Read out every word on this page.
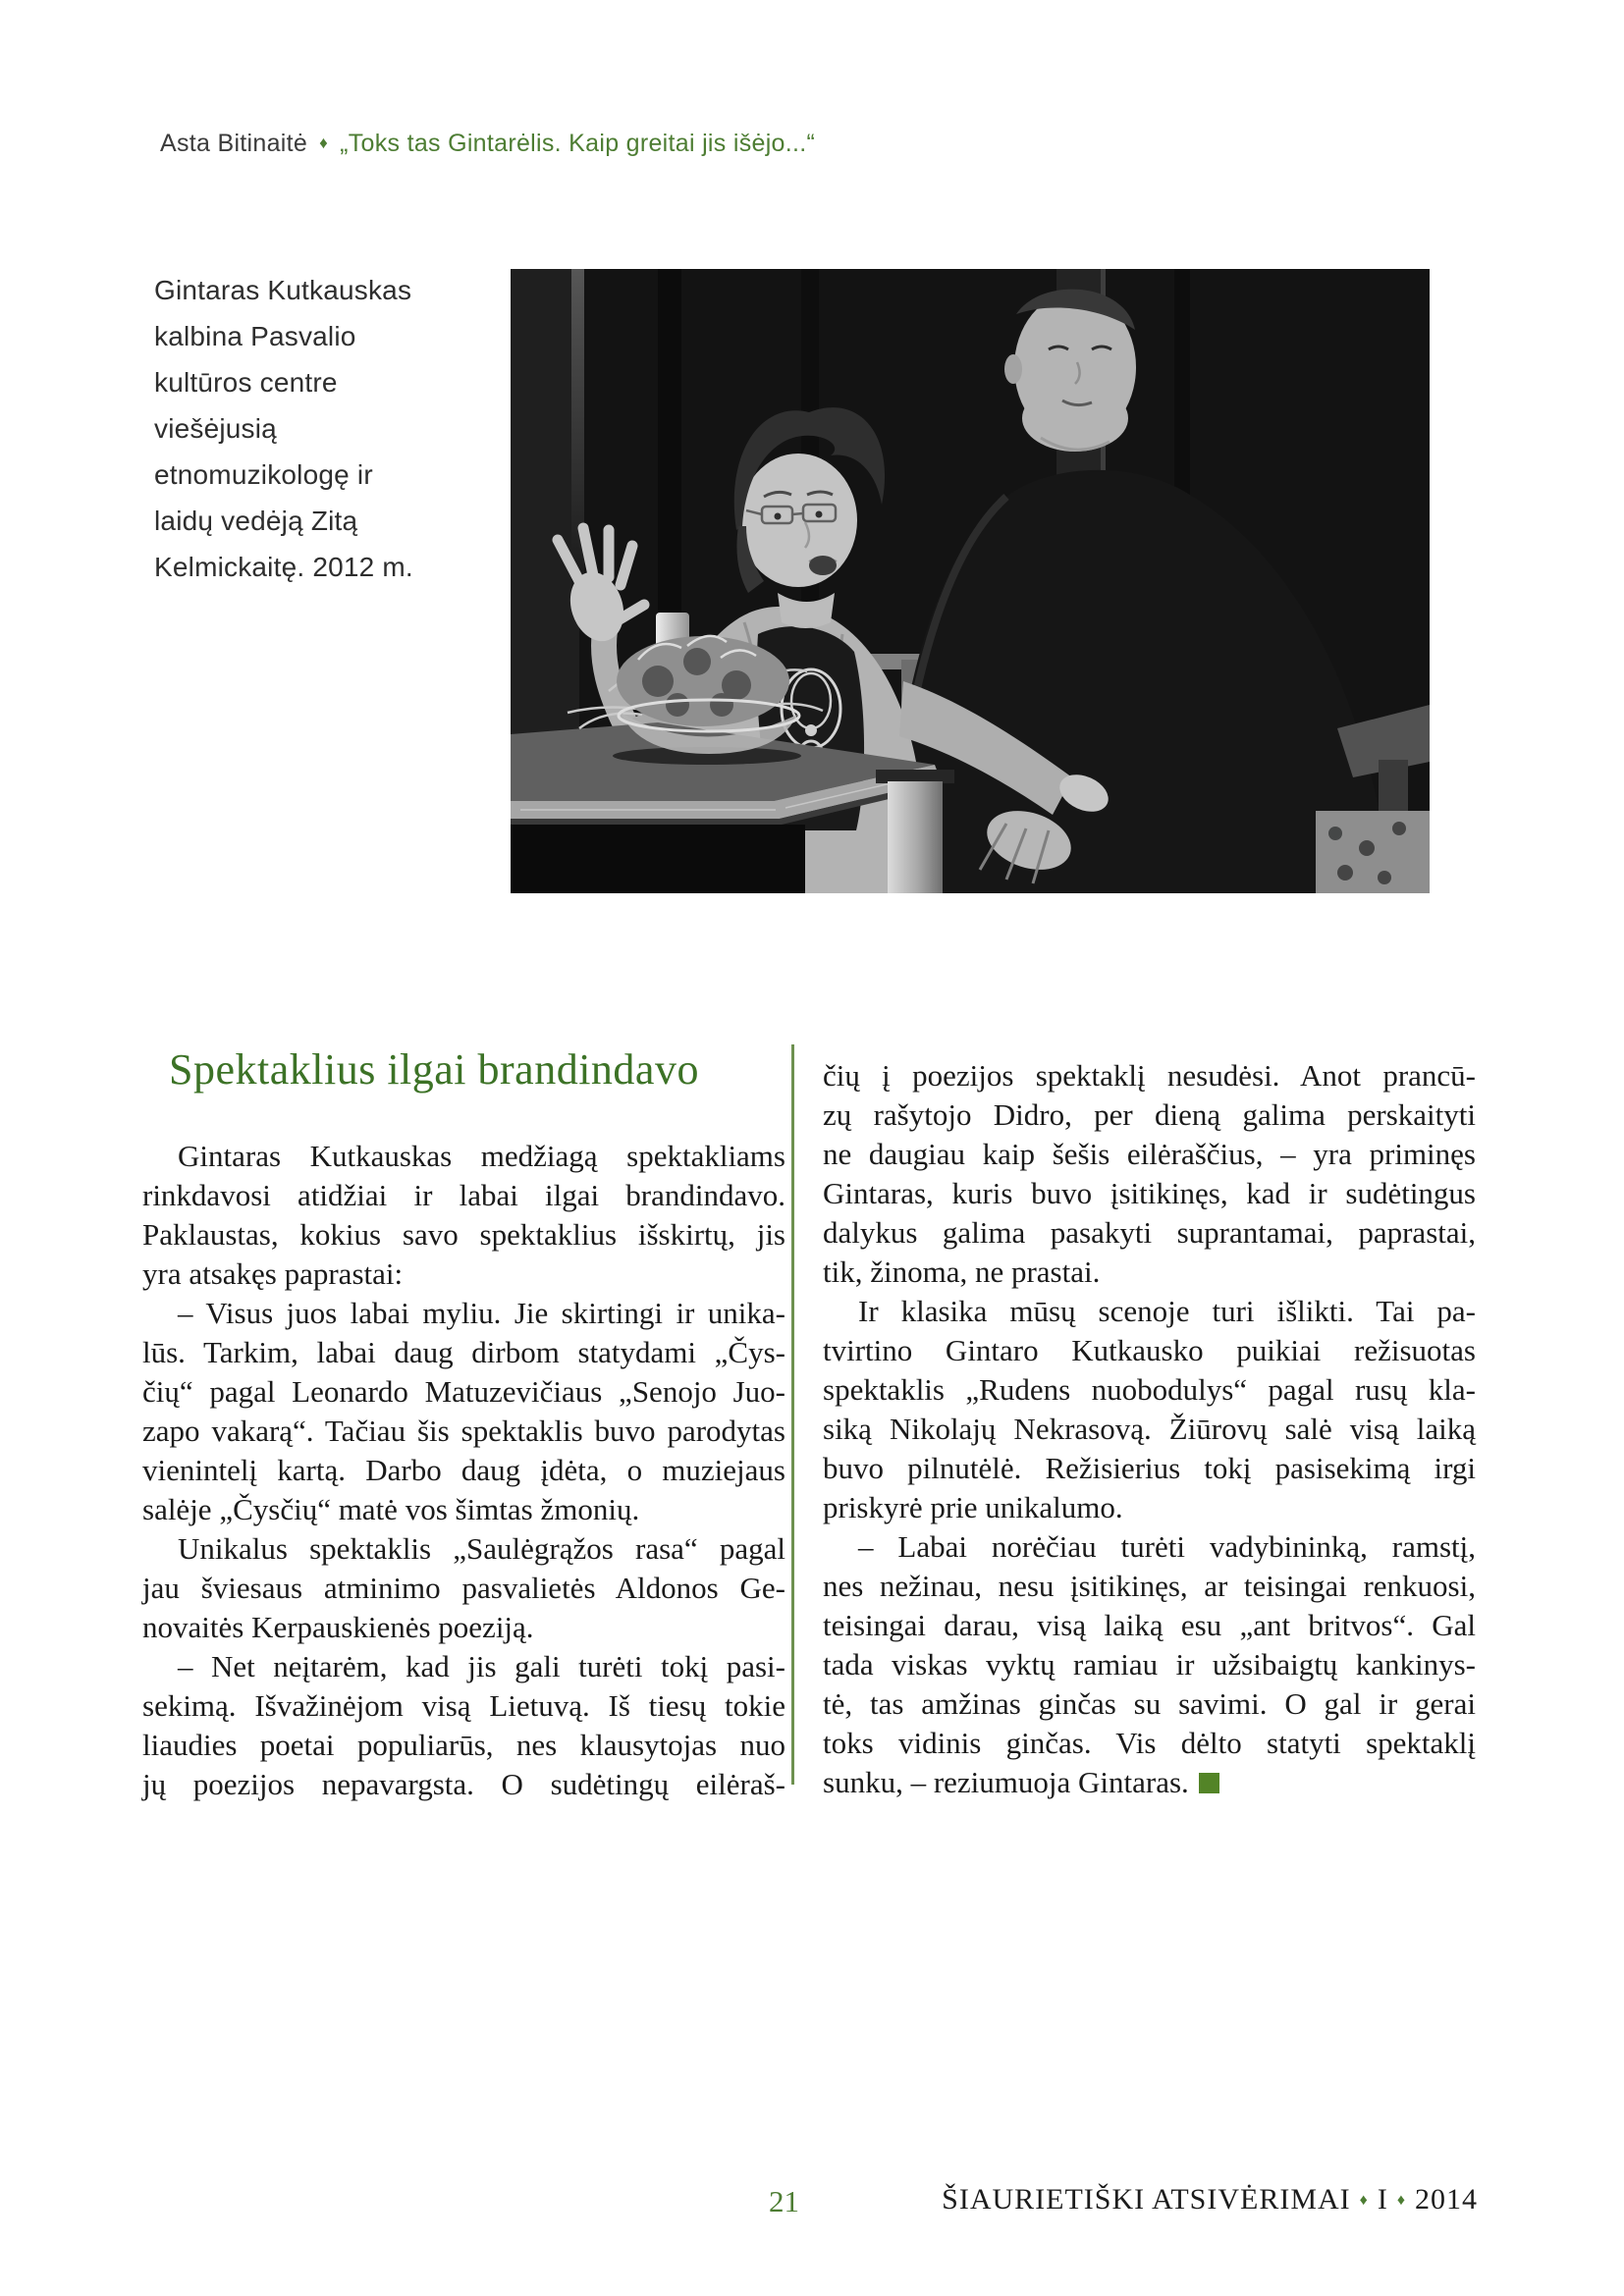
Asta Bitinaitė ♦ „Toks tas Gintarėlis. Kaip greitai jis išėjo...“
Gintaras Kutkauskas
kalbina Pasvalio
kultūros centre
viešėjusią
etnomuzikologę ir
laidų vedėją Zitą
Kelmickaitę. 2012 m.
Spektaklius ilgai brandindavo
Gintaras Kutkauskas medžiagą spektakliams
rinkdavosi atidžiai ir labai ilgai brandindavo.
Paklaustas, kokius savo spektaklius išskirtų, jis
yra atsakęs paprastai:
– Visus juos labai myliu. Jie skirtingi ir unika-
lūs. Tarkim, labai daug dirbom statydami „Čys-
čių“ pagal Leonardo Matuzevičiaus „Senojo Juo-
zapo vakarą“. Tačiau šis spektaklis buvo parodytas
vienintelį kartą. Darbo daug įdėta, o muziejaus
salėje „Čysčių“ matė vos šimtas žmonių.
Unikalus spektaklis „Saulėgrąžos rasa“ pagal
jau šviesaus atminimo pasvalietės Aldonos Ge-
novaitės Kerpauskienės poeziją.
– Net neįtarėm, kad jis gali turėti tokį pasi-
sekimą. Išvažinėjom visą Lietuvą. Iš tiesų tokie
liaudies poetai populiarūs, nes klausytojas nuo
jų poezijos nepavargsta. O sudėtingų eilėraš-
čių į poezijos spektaklį nesudėsi. Anot prancū-
zų rašytojo Didro, per dieną galima perskaityti
ne daugiau kaip šešis eilėraščius, – yra priminęs
Gintaras, kuris buvo įsitikinęs, kad ir sudėtingus
dalykus galima pasakyti suprantamai, paprastai,
tik, žinoma, ne prastai.
Ir klasika mūsų scenoje turi išlikti. Tai pa-
tvirtino Gintaro Kutkausko puikiai režisuotas
spektaklis „Rudens nuobodulys“ pagal rusų kla-
siką Nikolajų Nekrasovą. Žiūrovų salė visą laiką
buvo pilnutėlė. Režisierius tokį pasisekimą irgi
priskyrė prie unikalumo.
– Labai norėčiau turėti vadybininką, ramstį,
nes nežinau, nesu įsitikinęs, ar teisingai renkuosi,
teisingai darau, visą laiką esu „ant britvos“. Gal
tada viskas vyktų ramiau ir užsibaigtų kankinys-
tė, tas amžinas ginčas su savimi. O gal ir gerai
toks vidinis ginčas. Vis dėlto statyti spektaklį
sunku, – reziumuoja Gintaras.
21	ŠIAURIETIŠKI ATSIVĖRIMAI ♦ I ♦ 2014
